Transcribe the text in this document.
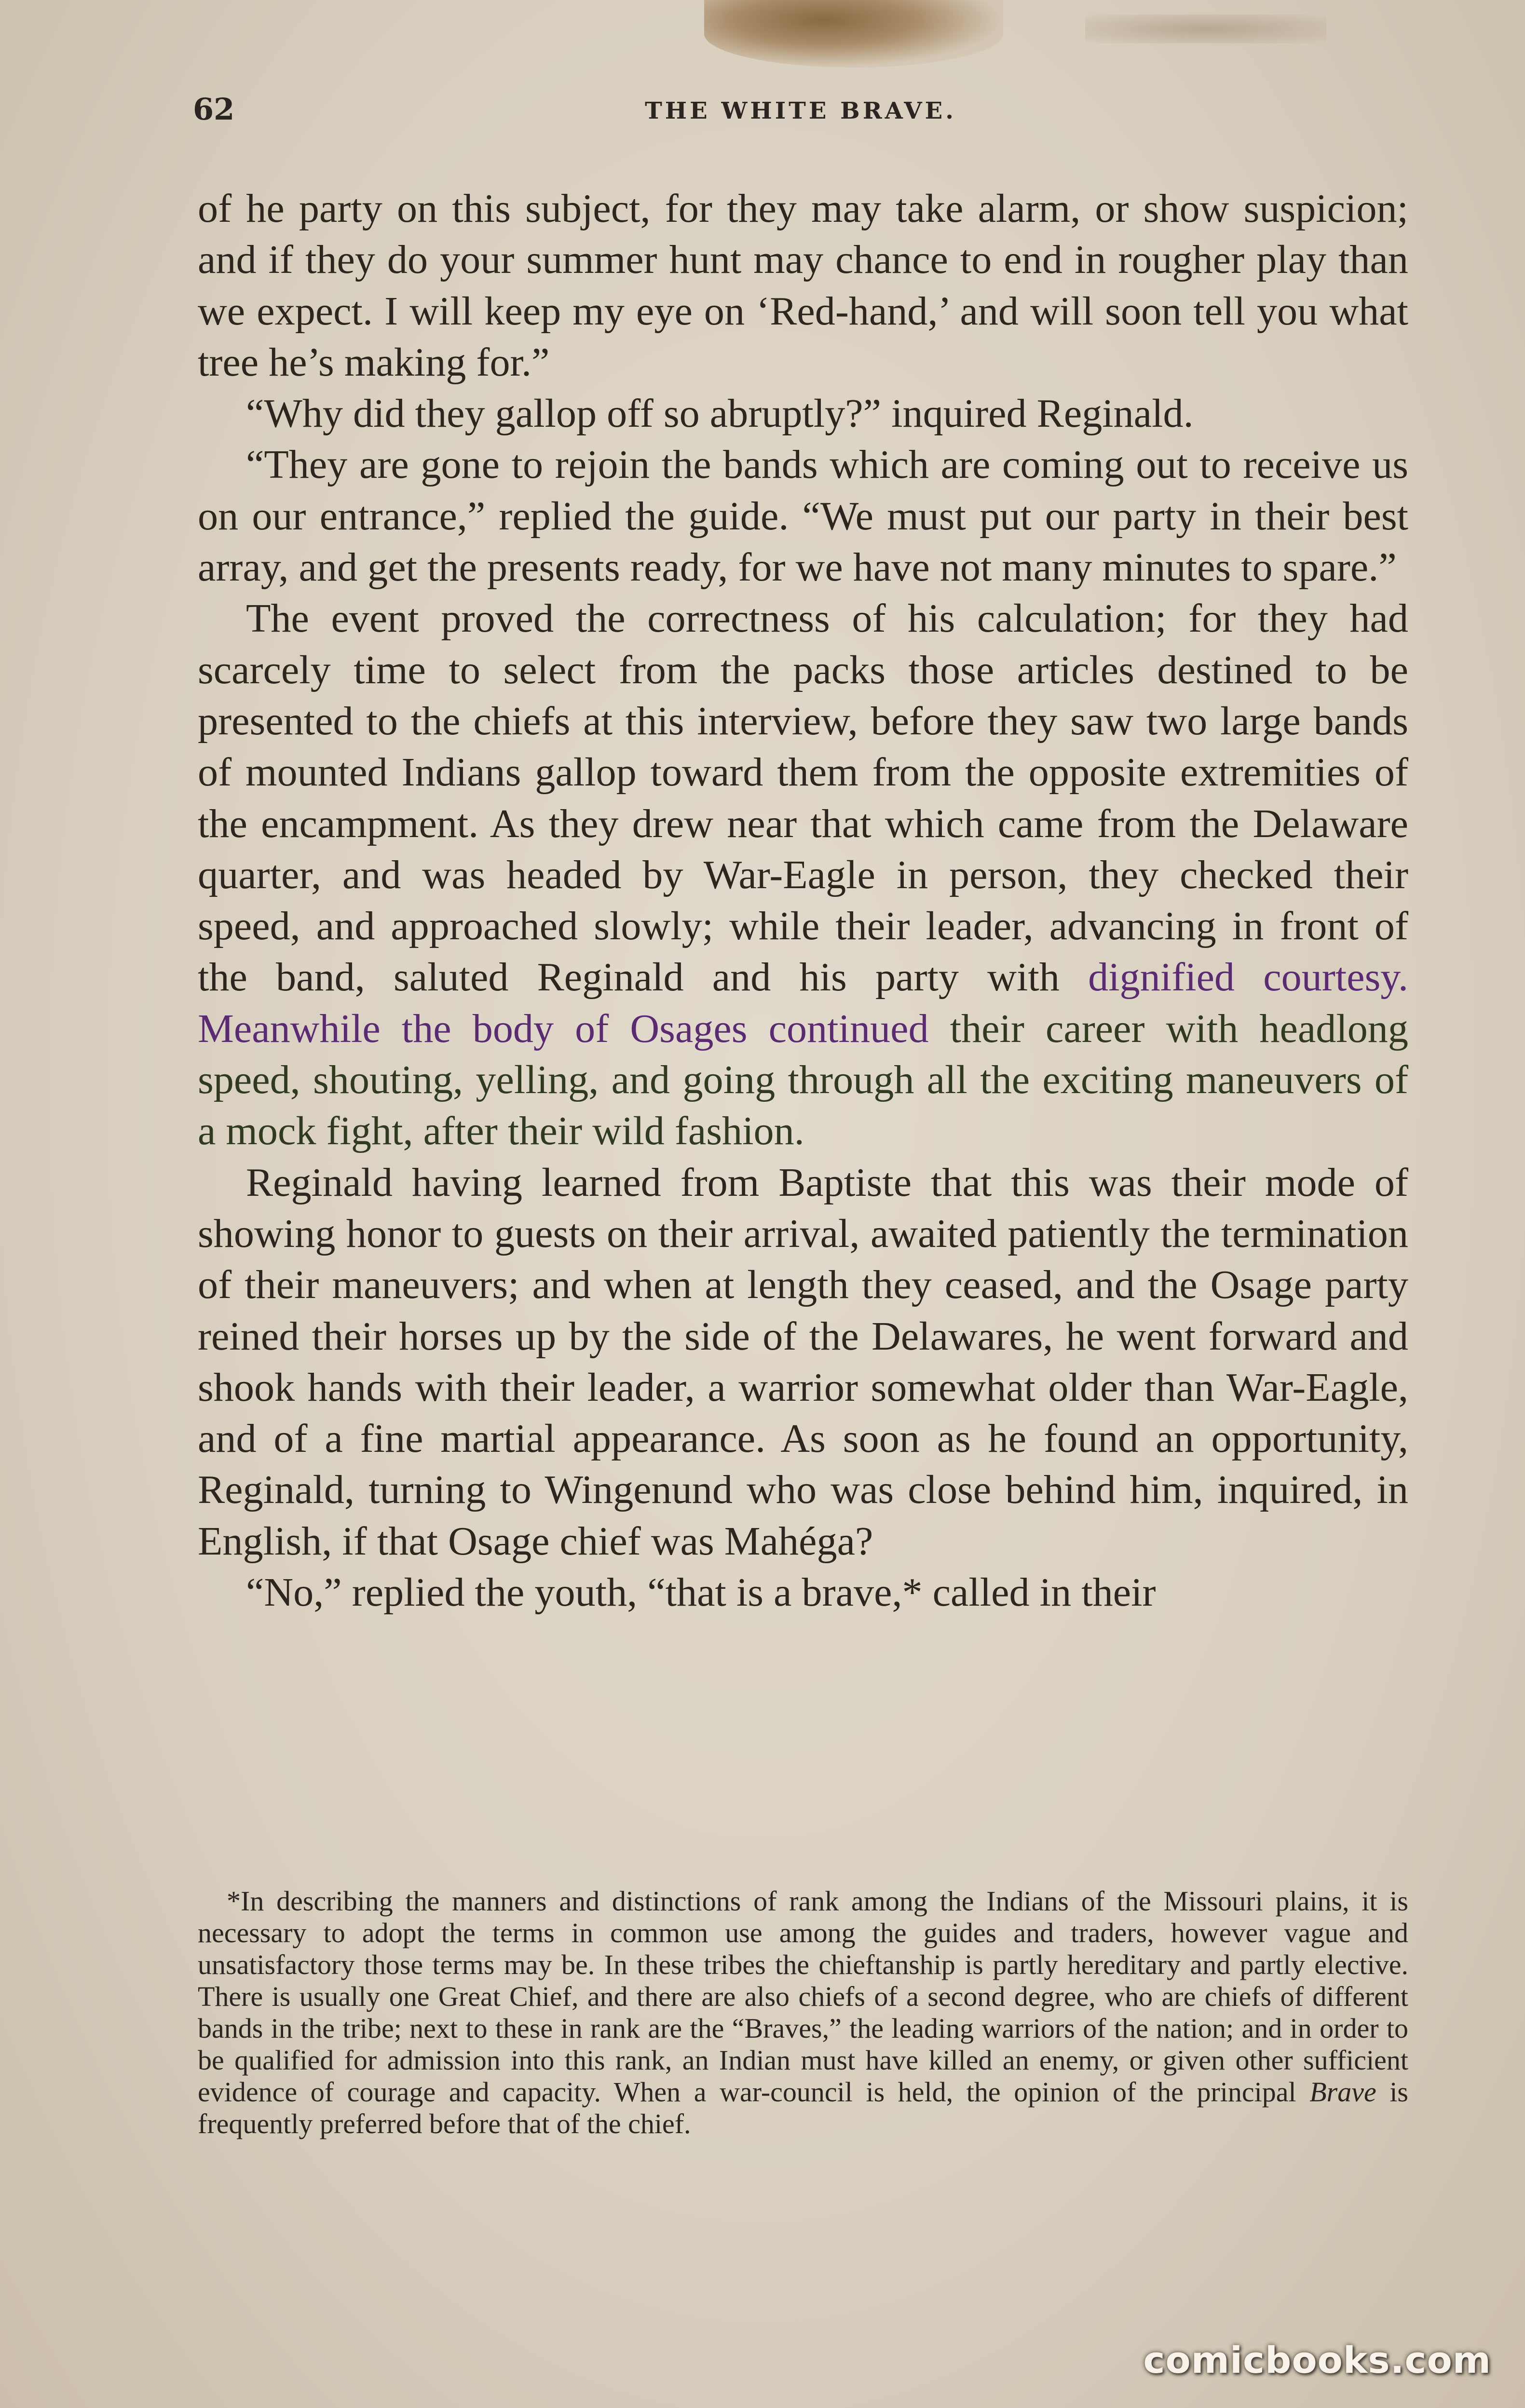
62	THE WHITE BRAVE.

of he party on this subject, for they may take alarm, or show suspicion; and if they do your summer hunt may chance to end in rougher play than we expect. I will keep my eye on ‘Red-hand,’ and will soon tell you what tree he’s making for.”

“Why did they gallop off so abruptly?” inquired Reginald.

“They are gone to rejoin the bands which are coming out to receive us on our entrance,” replied the guide. “We must put our party in their best array, and get the presents ready, for we have not many minutes to spare.”

The event proved the correctness of his calculation; for they had scarcely time to select from the packs those articles destined to be presented to the chiefs at this interview, before they saw two large bands of mounted Indians gallop toward them from the opposite extremities of the encampment. As they drew near that which came from the Delaware quarter, and was headed by War-Eagle in person, they checked their speed, and approached slowly; while their leader, advancing in front of the band, saluted Reginald and his party with dignified courtesy. Meanwhile the body of Osages continued their career with headlong speed, shouting, yelling, and going through all the exciting maneuvers of a mock fight, after their wild fashion.

Reginald having learned from Baptiste that this was their mode of showing honor to guests on their arrival, awaited patiently the termination of their maneuvers; and when at length they ceased, and the Osage party reined their horses up by the side of the Delawares, he went forward and shook hands with their leader, a warrior somewhat older than War-Eagle, and of a fine martial appearance. As soon as he found an opportunity, Reginald, turning to Wingenund who was close behind him, inquired, in English, if that Osage chief was Mahéga?

“No,” replied the youth, “that is a brave,* called in their

*In describing the manners and distinctions of rank among the Indians of the Missouri plains, it is necessary to adopt the terms in common use among the guides and traders, however vague and unsatisfactory those terms may be. In these tribes the chieftanship is partly hereditary and partly elective. There is usually one Great Chief, and there are also chiefs of a second degree, who are chiefs of different bands in the tribe; next to these in rank are the “Braves,” the leading warriors of the nation; and in order to be qualified for admission into this rank, an Indian must have killed an enemy, or given other sufficient evidence of courage and capacity. When a war-council is held, the opinion of the principal Brave is frequently preferred before that of the chief.

comicbooks.com
